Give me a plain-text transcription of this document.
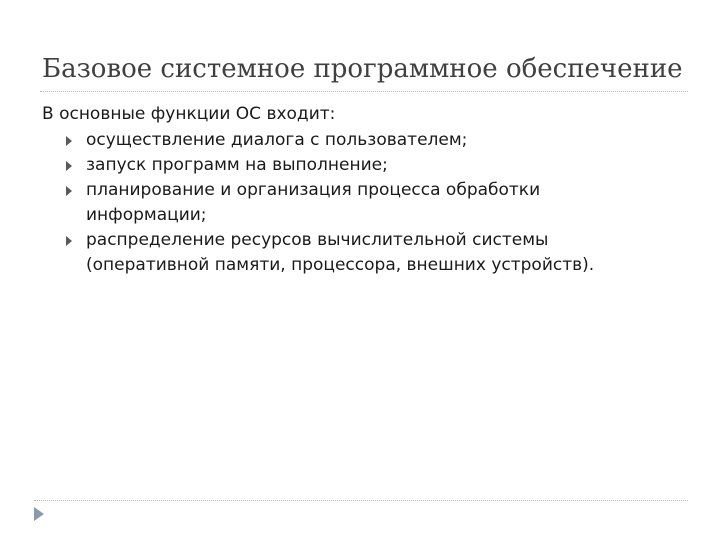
Базовое системное программное обеспечение

В основные функции ОС входит:

осуществление диалога с пользователем;
запуск программ на выполнение;
планирование и организация процесса обработки информации;
распределение ресурсов вычислительной системы (оперативной памяти, процессора, внешних устройств).
